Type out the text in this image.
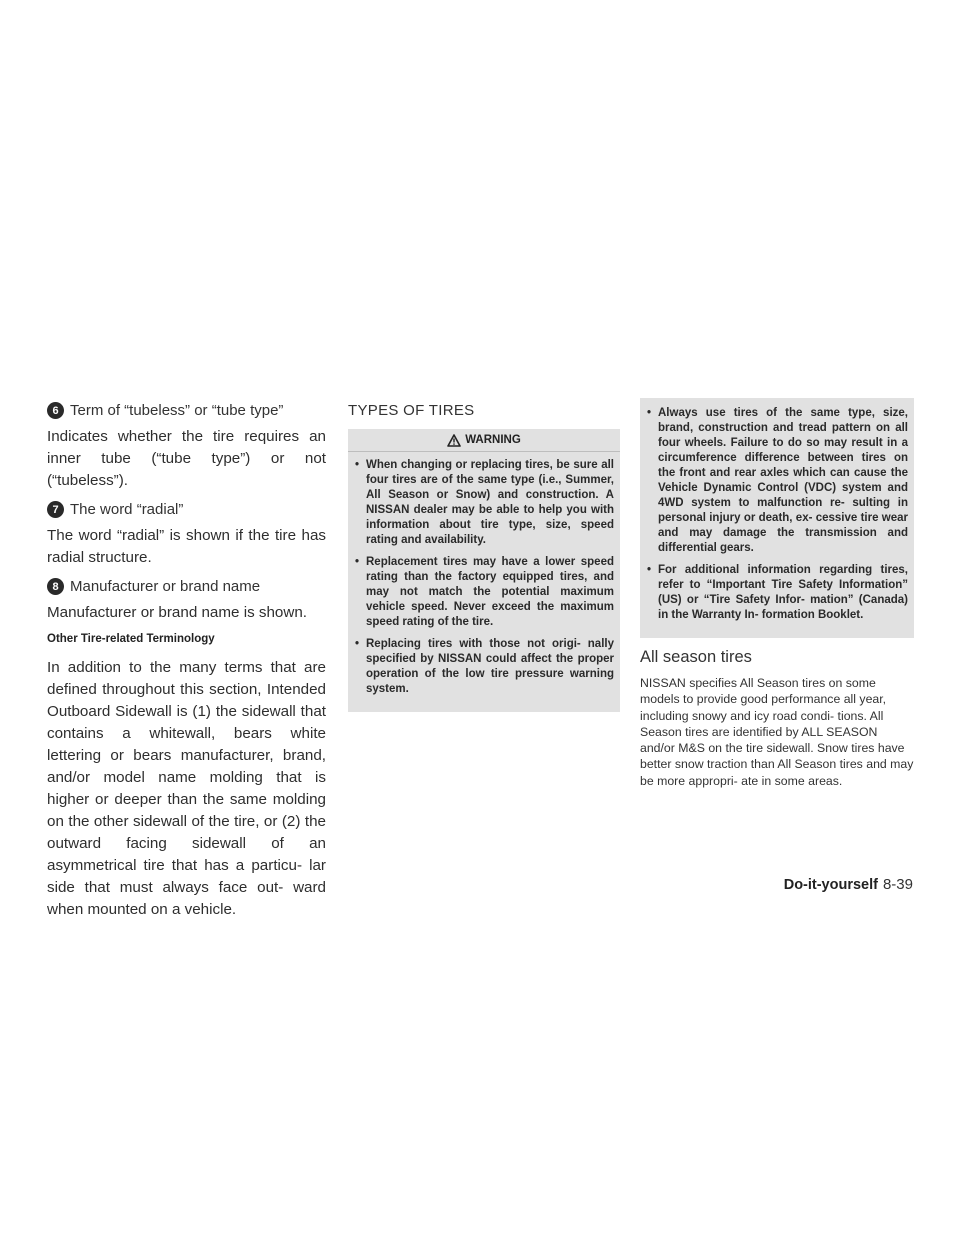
6 Term of “tubeless” or “tube type”

Indicates whether the tire requires an inner tube (“tube type”) or not (“tubeless”).

7 The word “radial”

The word “radial” is shown if the tire has radial structure.

8 Manufacturer or brand name

Manufacturer or brand name is shown.

Other Tire-related Terminology

In addition to the many terms that are defined throughout this section, Intended Outboard Sidewall is (1) the sidewall that contains a whitewall, bears white lettering or bears manufacturer, brand, and/or model name molding that is higher or deeper than the same molding on the other sidewall of the tire, or (2) the outward facing sidewall of an asymmetrical tire that has a particu- lar side that must always face out- ward when mounted on a vehicle.

TYPES OF TIRES
WARNING
• When changing or replacing tires, be sure all four tires are of the same type (i.e., Summer, All Season or Snow) and construction. A NISSAN dealer may be able to help you with information about tire type, size, speed rating and availability.
• Replacement tires may have a lower speed rating than the factory equipped tires, and may not match the potential maximum vehicle speed. Never exceed the maximum speed rating of the tire.
• Replacing tires with those not origi- nally specified by NISSAN could affect the proper operation of the low tire pressure warning system.
• Always use tires of the same type, size, brand, construction and tread pattern on all four wheels. Failure to do so may result in a circumference difference between tires on the front and rear axles which can cause the Vehicle Dynamic Control (VDC) system and 4WD system to malfunction re- sulting in personal injury or death, ex- cessive tire wear and may damage the transmission and differential gears.
• For additional information regarding tires, refer to “Important Tire Safety Information” (US) or “Tire Safety Infor- mation” (Canada) in the Warranty In- formation Booklet.
All season tires

NISSAN specifies All Season tires on some models to provide good performance all year, including snowy and icy road condi- tions. All Season tires are identified by ALL SEASON and/or M&S on the tire sidewall. Snow tires have better snow traction than All Season tires and may be more appropri- ate in some areas.

Do-it-yourself 8-39
